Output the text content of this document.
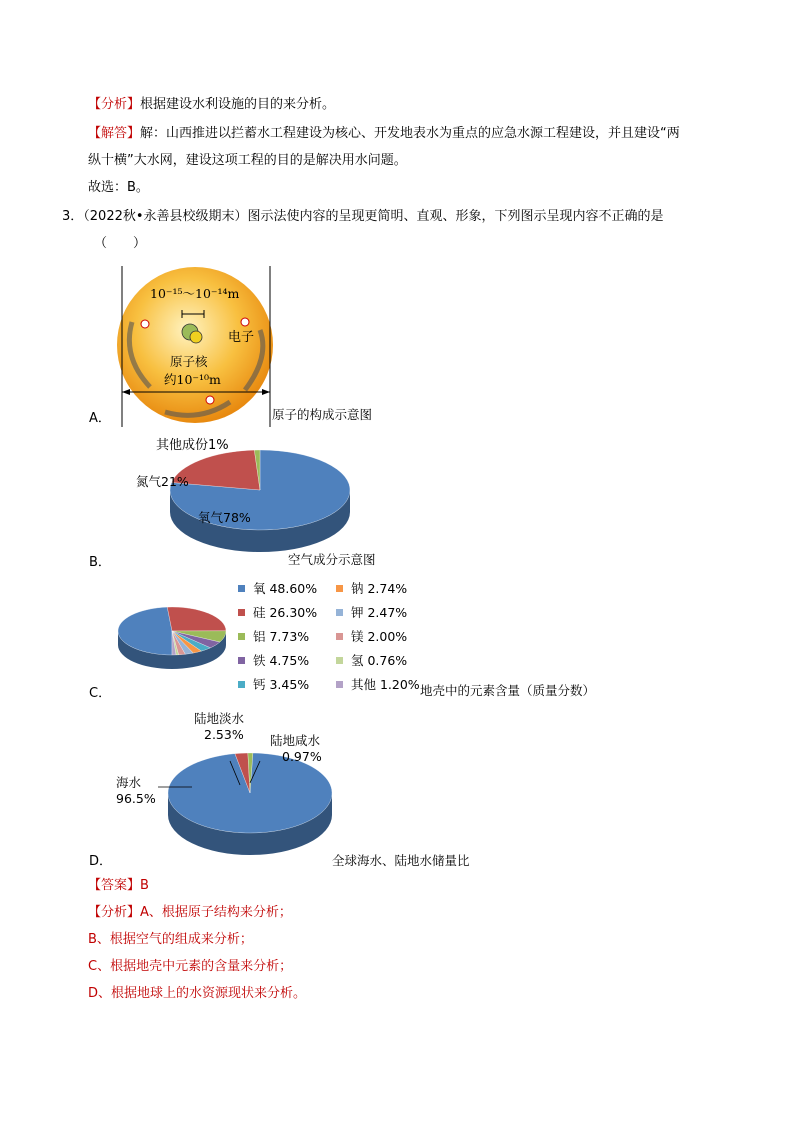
【分析】根据建设水利设施的目的来分析。
【解答】解：山西推进以拦蓄水工程建设为核心、开发地表水为重点的应急水源工程建设，并且建设“两
纵十横”大水网，建设这项工程的目的是解决用水问题。
故选：B。
3．（2022秋•永善县校级期末）图示法使内容的呈现更简明、直观、形象，下列图示呈现内容不正确的是
（　　）
10⁻¹⁵～10⁻¹⁴m
电子
原子核
约10⁻¹⁰m
原子的构成示意图
A．
其他成份1%
氮气21%
氧气78%
空气成分示意图
B．
氧 48.60%
硅 26.30%
铝 7.73%
铁 4.75%
钙 3.45%
钠 2.74%
钾 2.47%
镁 2.00%
氢 0.76%
其他 1.20% 地壳中的元素含量（质量分数）
C．
陆地淡水
2.53% 陆地咸水
0.97%
海水
96.5%
全球海水、陆地水储量比
D．
【答案】B
【分析】A、根据原子结构来分析；
B、根据空气的组成来分析；
C、根据地壳中元素的含量来分析；
D、根据地球上的水资源现状来分析。
